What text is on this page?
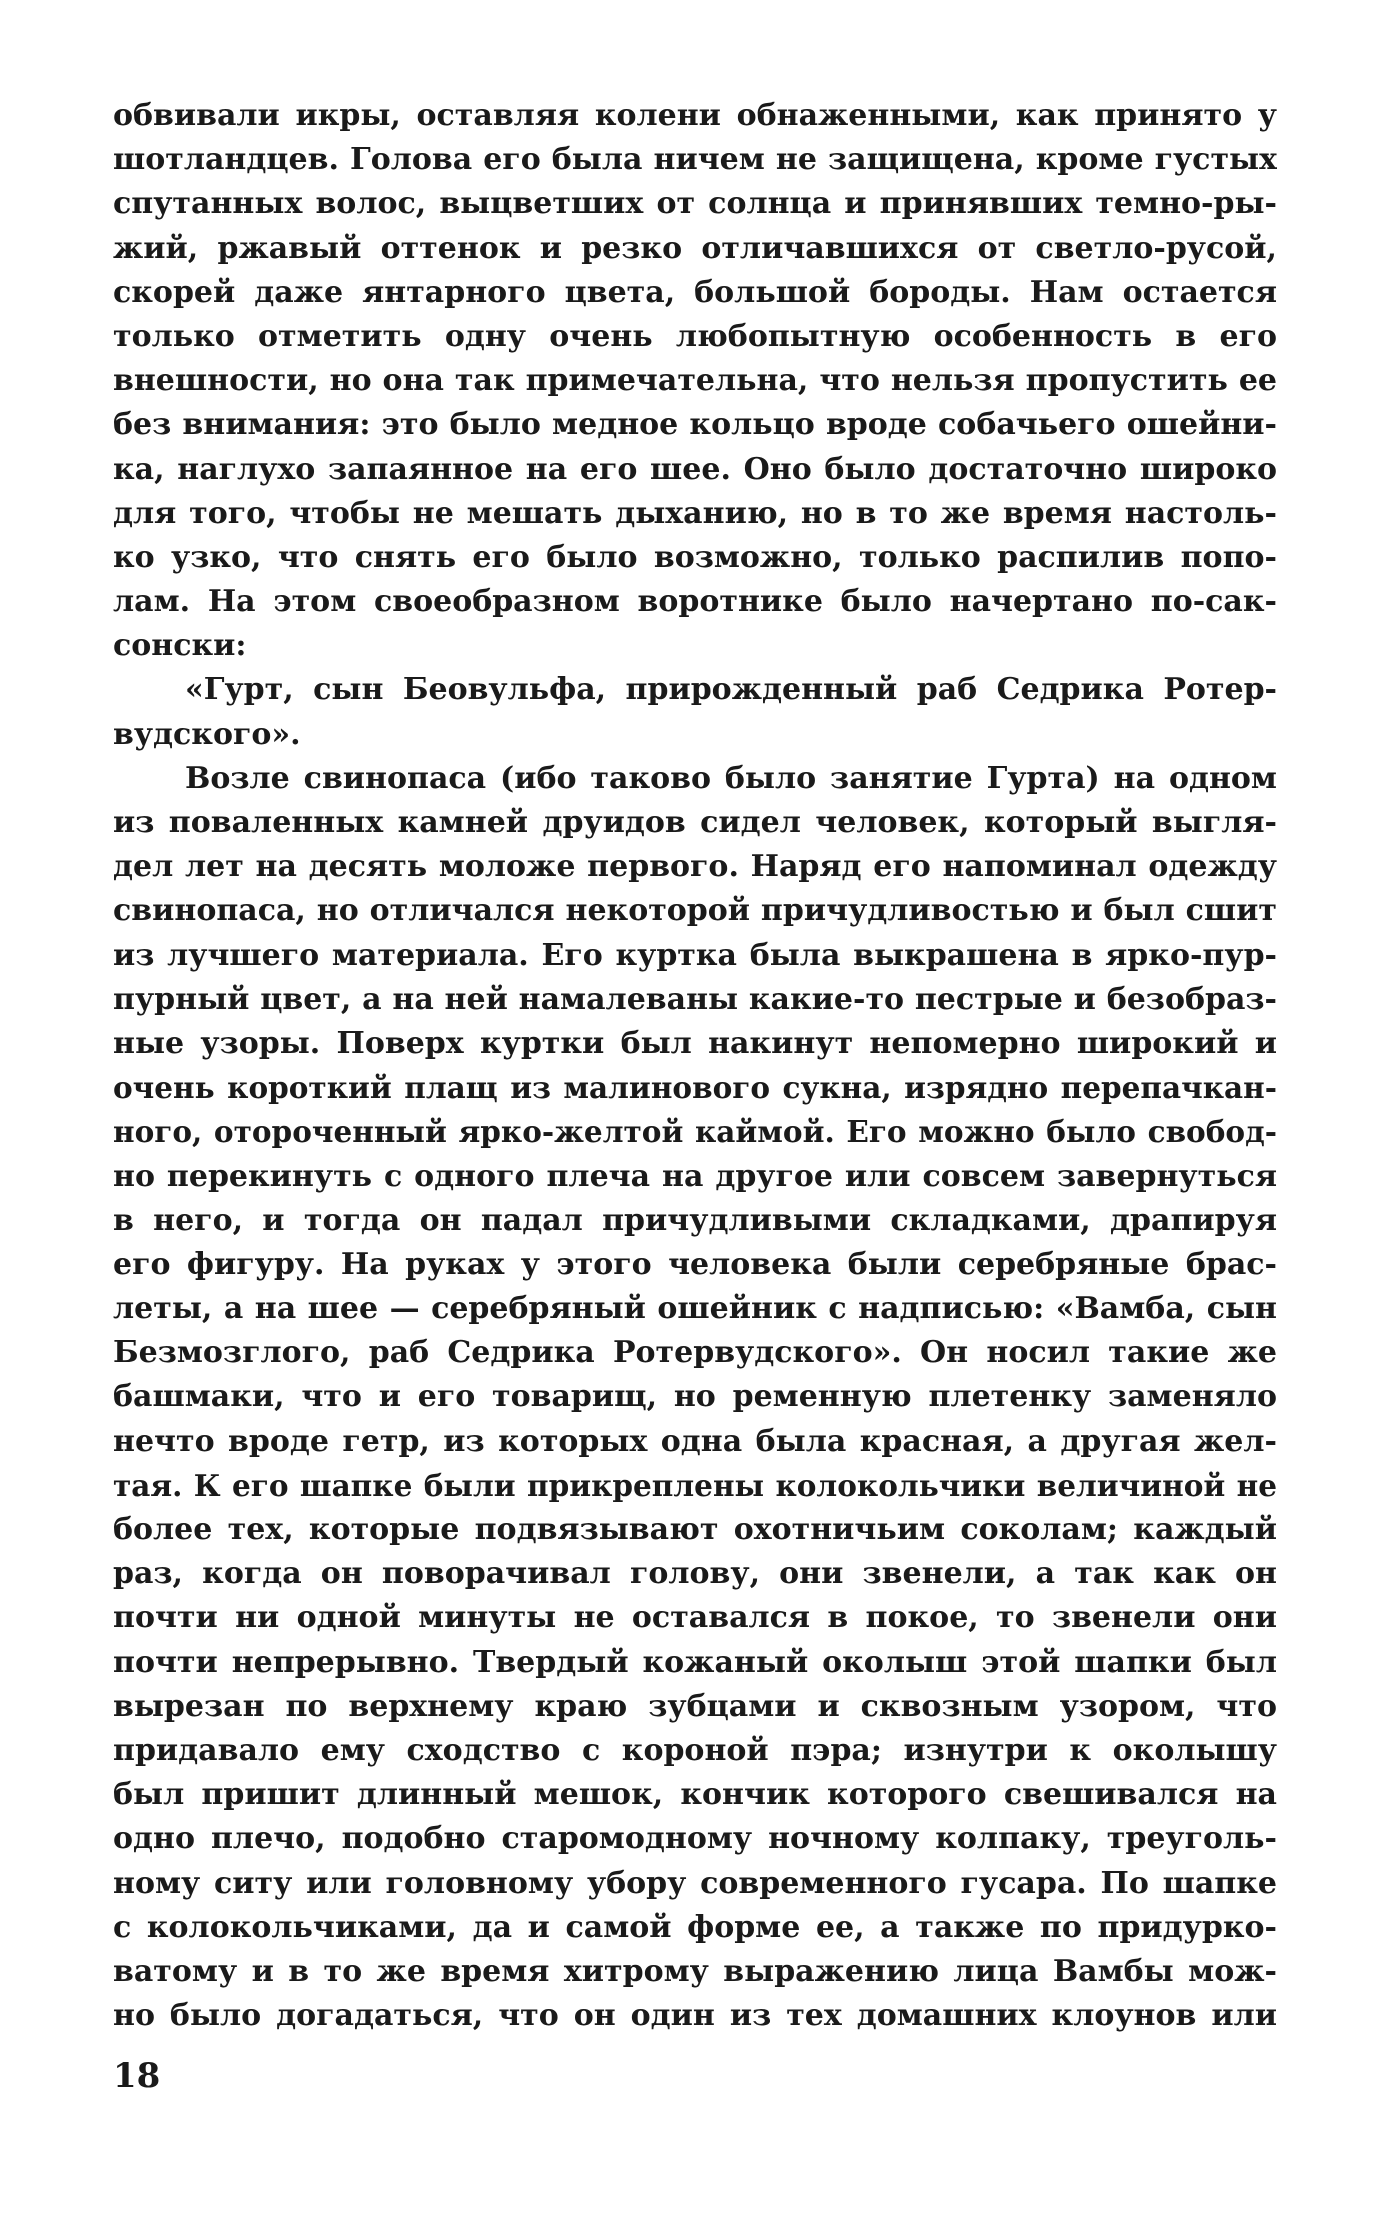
обвивали икры, оставляя колени обнаженными, как принято у
шотландцев. Голова его была ничем не защищена, кроме густых
спутанных волос, выцветших от солнца и принявших темно-ры-
жий, ржавый оттенок и резко отличавшихся от светло-русой,
скорей даже янтарного цвета, большой бороды. Нам остается
только отметить одну очень любопытную особенность в его
внешности, но она так примечательна, что нельзя пропустить ее
без внимания: это было медное кольцо вроде собачьего ошейни-
ка, наглухо запаянное на его шее. Оно было достаточно широко
для того, чтобы не мешать дыханию, но в то же время настоль-
ко узко, что снять его было возможно, только распилив попо-
лам. На этом своеобразном воротнике было начертано по-сак-
сонски:
«Гурт, сын Беовульфа, прирожденный раб Седрика Ротер-
вудского».
Возле свинопаса (ибо таково было занятие Гурта) на одном
из поваленных камней друидов сидел человек, который выгля-
дел лет на десять моложе первого. Наряд его напоминал одежду
свинопаса, но отличался некоторой причудливостью и был сшит
из лучшего материала. Его куртка была выкрашена в ярко-пур-
пурный цвет, а на ней намалеваны какие-то пестрые и безобраз-
ные узоры. Поверх куртки был накинут непомерно широкий и
очень короткий плащ из малинового сукна, изрядно перепачкан-
ного, отороченный ярко-желтой каймой. Его можно было свобод-
но перекинуть с одного плеча на другое или совсем завернуться
в него, и тогда он падал причудливыми складками, драпируя
его фигуру. На руках у этого человека были серебряные брас-
леты, а на шее — серебряный ошейник с надписью: «Вамба, сын
Безмозглого, раб Седрика Ротервудского». Он носил такие же
башмаки, что и его товарищ, но ременную плетенку заменяло
нечто вроде гетр, из которых одна была красная, а другая жел-
тая. К его шапке были прикреплены колокольчики величиной не
более тех, которые подвязывают охотничьим соколам; каждый
раз, когда он поворачивал голову, они звенели, а так как он
почти ни одной минуты не оставался в покое, то звенели они
почти непрерывно. Твердый кожаный околыш этой шапки был
вырезан по верхнему краю зубцами и сквозным узором, что
придавало ему сходство с короной пэра; изнутри к околышу
был пришит длинный мешок, кончик которого свешивался на
одно плечо, подобно старомодному ночному колпаку, треуголь-
ному ситу или головному убору современного гусара. По шапке
с колокольчиками, да и самой форме ее, а также по придурко-
ватому и в то же время хитрому выражению лица Вамбы мож-
но было догадаться, что он один из тех домашних клоунов или
18
